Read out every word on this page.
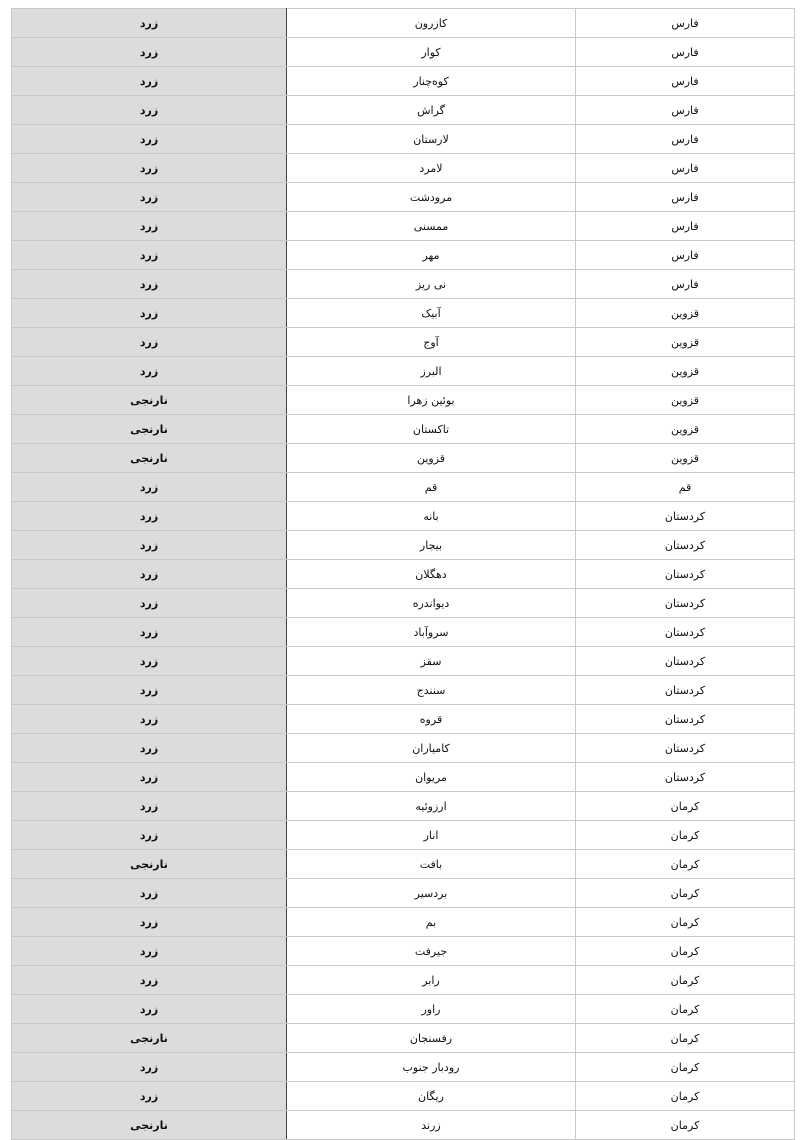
زرد	کازرون	فارس
زرد	کوار	فارس
زرد	کوه‌چنار	فارس
زرد	گراش	فارس
زرد	لارستان	فارس
زرد	لامرد	فارس
زرد	مرودشت	فارس
زرد	ممسنی	فارس
زرد	مهر	فارس
زرد	نی ریز	فارس
زرد	آبیک	قزوین
زرد	آوج	قزوین
زرد	البرز	قزوین
نارنجی	بوئین زهرا	قزوین
نارنجی	تاکستان	قزوین
نارنجی	قزوین	قزوین
زرد	قم	قم
زرد	بانه	کردستان
زرد	بیجار	کردستان
زرد	دهگلان	کردستان
زرد	دیواندره	کردستان
زرد	سروآباد	کردستان
زرد	سقز	کردستان
زرد	سنندج	کردستان
زرد	قروه	کردستان
زرد	کامیاران	کردستان
زرد	مریوان	کردستان
زرد	ارزوئیه	کرمان
زرد	انار	کرمان
نارنجی	بافت	کرمان
زرد	بردسیر	کرمان
زرد	بم	کرمان
زرد	جیرفت	کرمان
زرد	رابر	کرمان
زرد	راور	کرمان
نارنجی	رفسنجان	کرمان
زرد	رودبار جنوب	کرمان
زرد	ریگان	کرمان
نارنجی	زرند	کرمان
